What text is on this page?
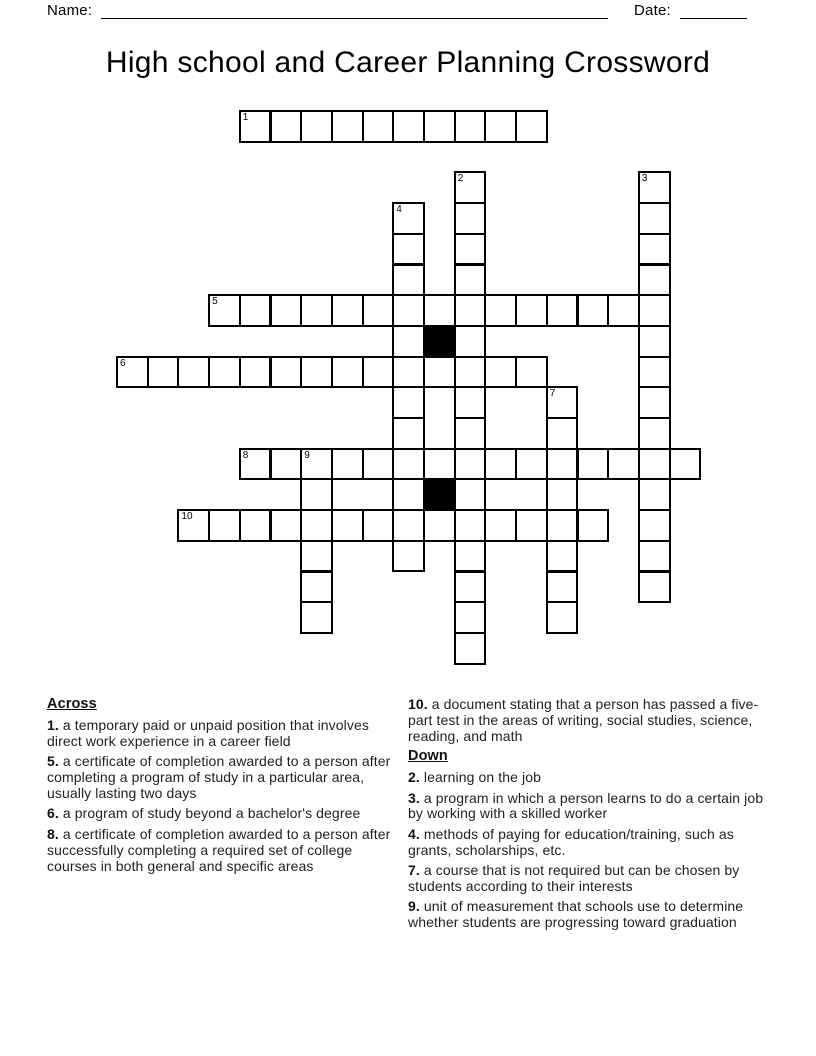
Name:	Date:
High school and Career Planning Crossword
1
2	3
4
5
6
7
8	9
10
Across

1. a temporary paid or unpaid position that involves direct work experience in a career field

5. a certificate of completion awarded to a person after completing a program of study in a particular area, usually lasting two days

6. a program of study beyond a bachelor's degree

8. a certificate of completion awarded to a person after successfully completing a required set of college courses in both general and specific areas

10. a document stating that a person has passed a five-part test in the areas of writing, social studies, science, reading, and math

Down

2. learning on the job

3. a program in which a person learns to do a certain job by working with a skilled worker

4. methods of paying for education/training, such as grants, scholarships, etc.

7. a course that is not required but can be chosen by students according to their interests

9. unit of measurement that schools use to determine whether students are progressing toward graduation
